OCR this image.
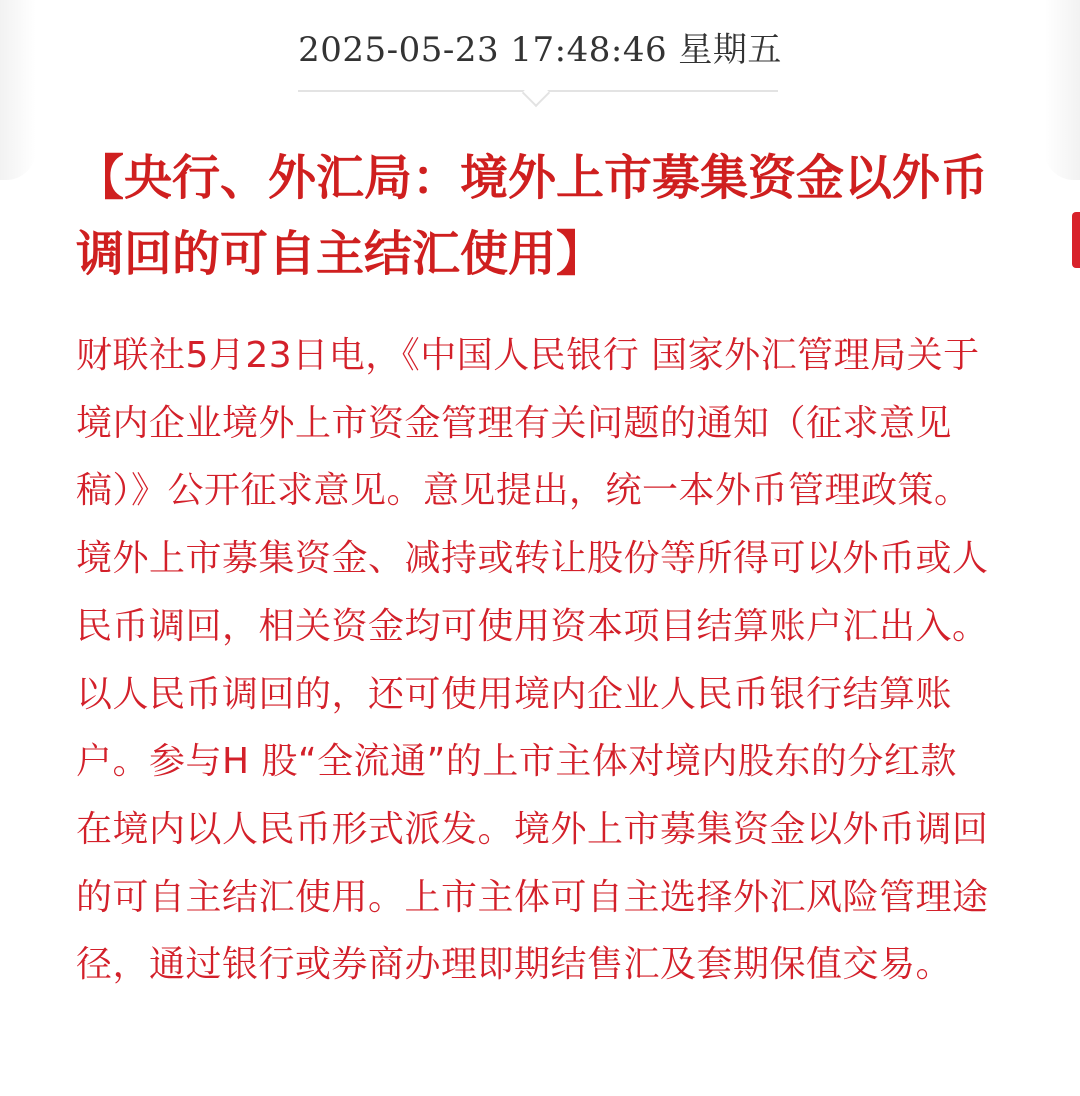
2025-05-23 17:48:46 星期五
【央行、外汇局：境外上市募集资金以外币调回的可自主结汇使用】

财联社5月23日电，《中国人民银行 国家外汇管理局关于境内企业境外上市资金管理有关问题的通知（征求意见稿）》公开征求意见。意见提出，统一本外币管理政策。境外上市募集资金、减持或转让股份等所得可以外币或人民币调回，相关资金均可使用资本项目结算账户汇出入。以人民币调回的，还可使用境内企业人民币银行结算账户。参与H 股“全流通”的上市主体对境内股东的分红款在境内以人民币形式派发。境外上市募集资金以外币调回的可自主结汇使用。上市主体可自主选择外汇风险管理途径，通过银行或券商办理即期结售汇及套期保值交易。
